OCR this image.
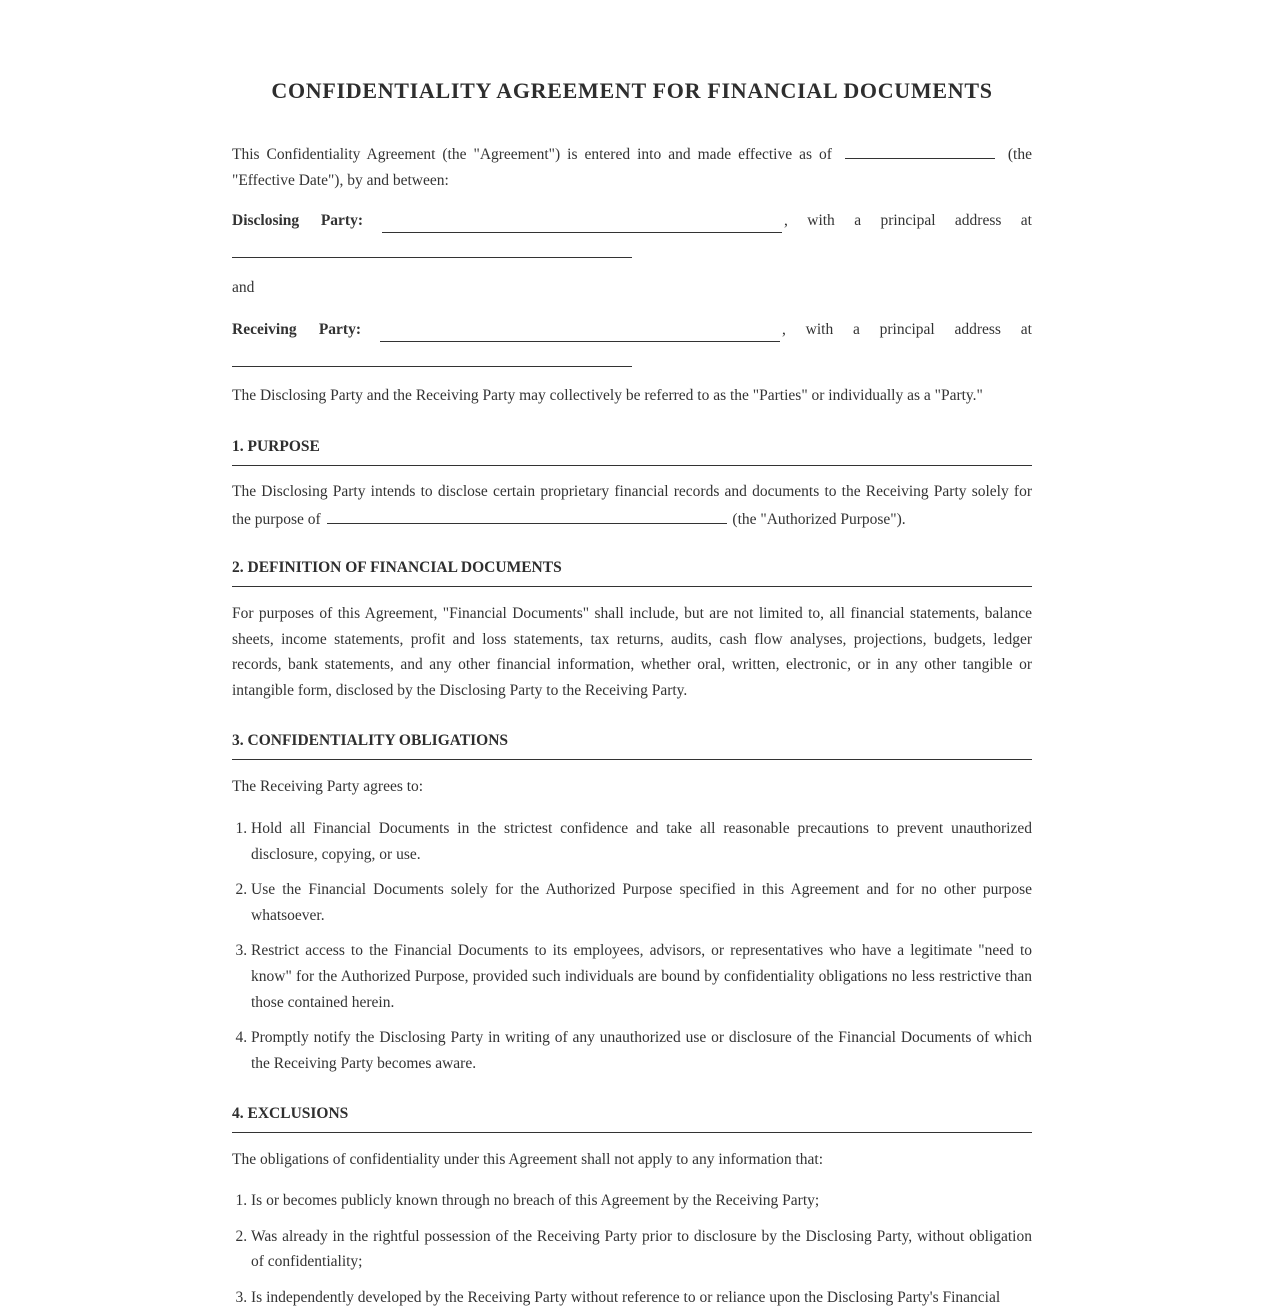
CONFIDENTIALITY AGREEMENT FOR FINANCIAL DOCUMENTS

This Confidentiality Agreement (the "Agreement") is entered into and made effective as of	(the "Effective Date"), by and between:

Disclosing Party:	, with a principal address at

and

Receiving Party:	, with a principal address at

The Disclosing Party and the Receiving Party may collectively be referred to as the "Parties" or individually as a "Party."

1. PURPOSE

The Disclosing Party intends to disclose certain proprietary financial records and documents to the Receiving Party solely for the purpose of	(the "Authorized Purpose").

2. DEFINITION OF FINANCIAL DOCUMENTS

For purposes of this Agreement, "Financial Documents" shall include, but are not limited to, all financial statements, balance sheets, income statements, profit and loss statements, tax returns, audits, cash flow analyses, projections, budgets, ledger records, bank statements, and any other financial information, whether oral, written, electronic, or in any other tangible or intangible form, disclosed by the Disclosing Party to the Receiving Party.

3. CONFIDENTIALITY OBLIGATIONS

The Receiving Party agrees to:

1. Hold all Financial Documents in the strictest confidence and take all reasonable precautions to prevent unauthorized disclosure, copying, or use.
2. Use the Financial Documents solely for the Authorized Purpose specified in this Agreement and for no other purpose whatsoever.
3. Restrict access to the Financial Documents to its employees, advisors, or representatives who have a legitimate "need to know" for the Authorized Purpose, provided such individuals are bound by confidentiality obligations no less restrictive than those contained herein.
4. Promptly notify the Disclosing Party in writing of any unauthorized use or disclosure of the Financial Documents of which the Receiving Party becomes aware.
4. EXCLUSIONS

The obligations of confidentiality under this Agreement shall not apply to any information that:

1. Is or becomes publicly known through no breach of this Agreement by the Receiving Party;
2. Was already in the rightful possession of the Receiving Party prior to disclosure by the Disclosing Party, without obligation of confidentiality;
3. Is independently developed by the Receiving Party without reference to or reliance upon the Disclosing Party's Financial
